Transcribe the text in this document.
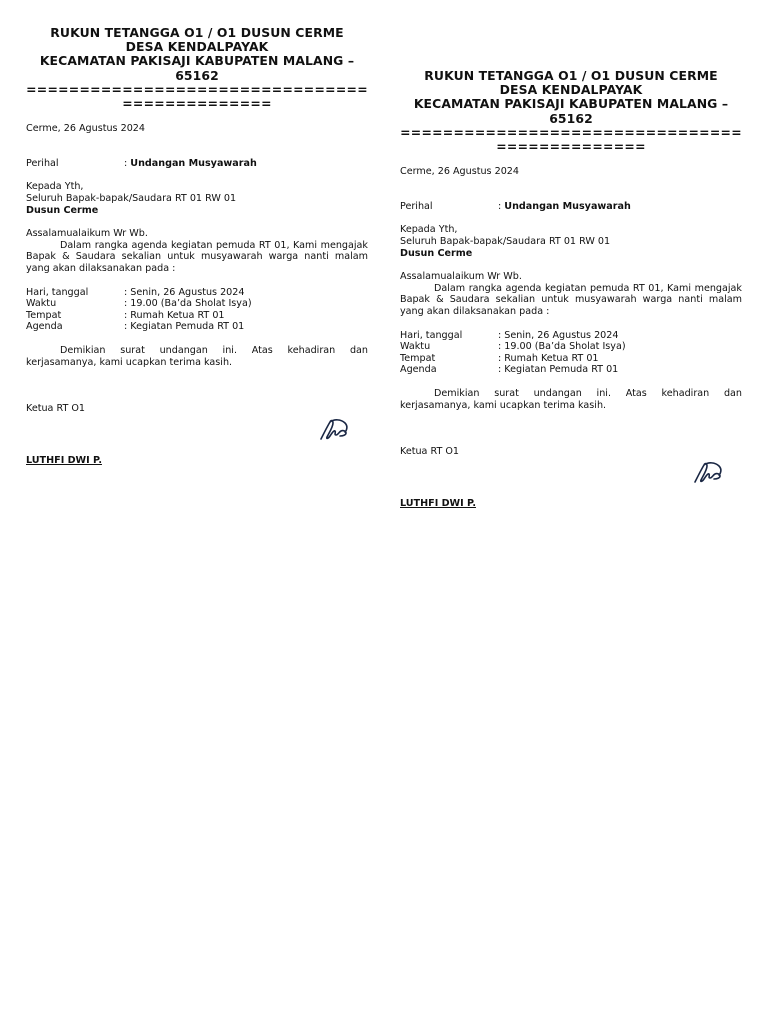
RUKUN TETANGGA O1 / O1 DUSUN CERME
DESA KENDALPAYAK
KECAMATAN PAKISAJI KABUPATEN MALANG –
65162
==============================================
Cerme, 26 Agustus 2024
Perihal	: Undangan Musyawarah
Kepada Yth,
Seluruh Bapak-bapak/Saudara RT 01 RW 01
Dusun Cerme
Assalamualaikum Wr Wb.
Dalam rangka agenda kegiatan pemuda RT 01, Kami mengajak Bapak & Saudara sekalian untuk musyawarah warga nanti malam yang akan dilaksanakan pada :
Hari, tanggal	: Senin, 26 Agustus 2024
Waktu	: 19.00 (Ba’da Sholat Isya)
Tempat	: Rumah Ketua RT 01
Agenda	: Kegiatan Pemuda RT 01
Demikian surat undangan ini. Atas kehadiran dan kerjasamanya, kami ucapkan terima kasih.
Ketua RT O1
LUTHFI DWI P.
RUKUN TETANGGA O1 / O1 DUSUN CERME
DESA KENDALPAYAK
KECAMATAN PAKISAJI KABUPATEN MALANG –
65162
==============================================
Cerme, 26 Agustus 2024
Perihal	: Undangan Musyawarah
Kepada Yth,
Seluruh Bapak-bapak/Saudara RT 01 RW 01
Dusun Cerme
Assalamualaikum Wr Wb.
Dalam rangka agenda kegiatan pemuda RT 01, Kami mengajak Bapak & Saudara sekalian untuk musyawarah warga nanti malam yang akan dilaksanakan pada :
Hari, tanggal	: Senin, 26 Agustus 2024
Waktu	: 19.00 (Ba’da Sholat Isya)
Tempat	: Rumah Ketua RT 01
Agenda	: Kegiatan Pemuda RT 01
Demikian surat undangan ini. Atas kehadiran dan kerjasamanya, kami ucapkan terima kasih.
Ketua RT O1
LUTHFI DWI P.
